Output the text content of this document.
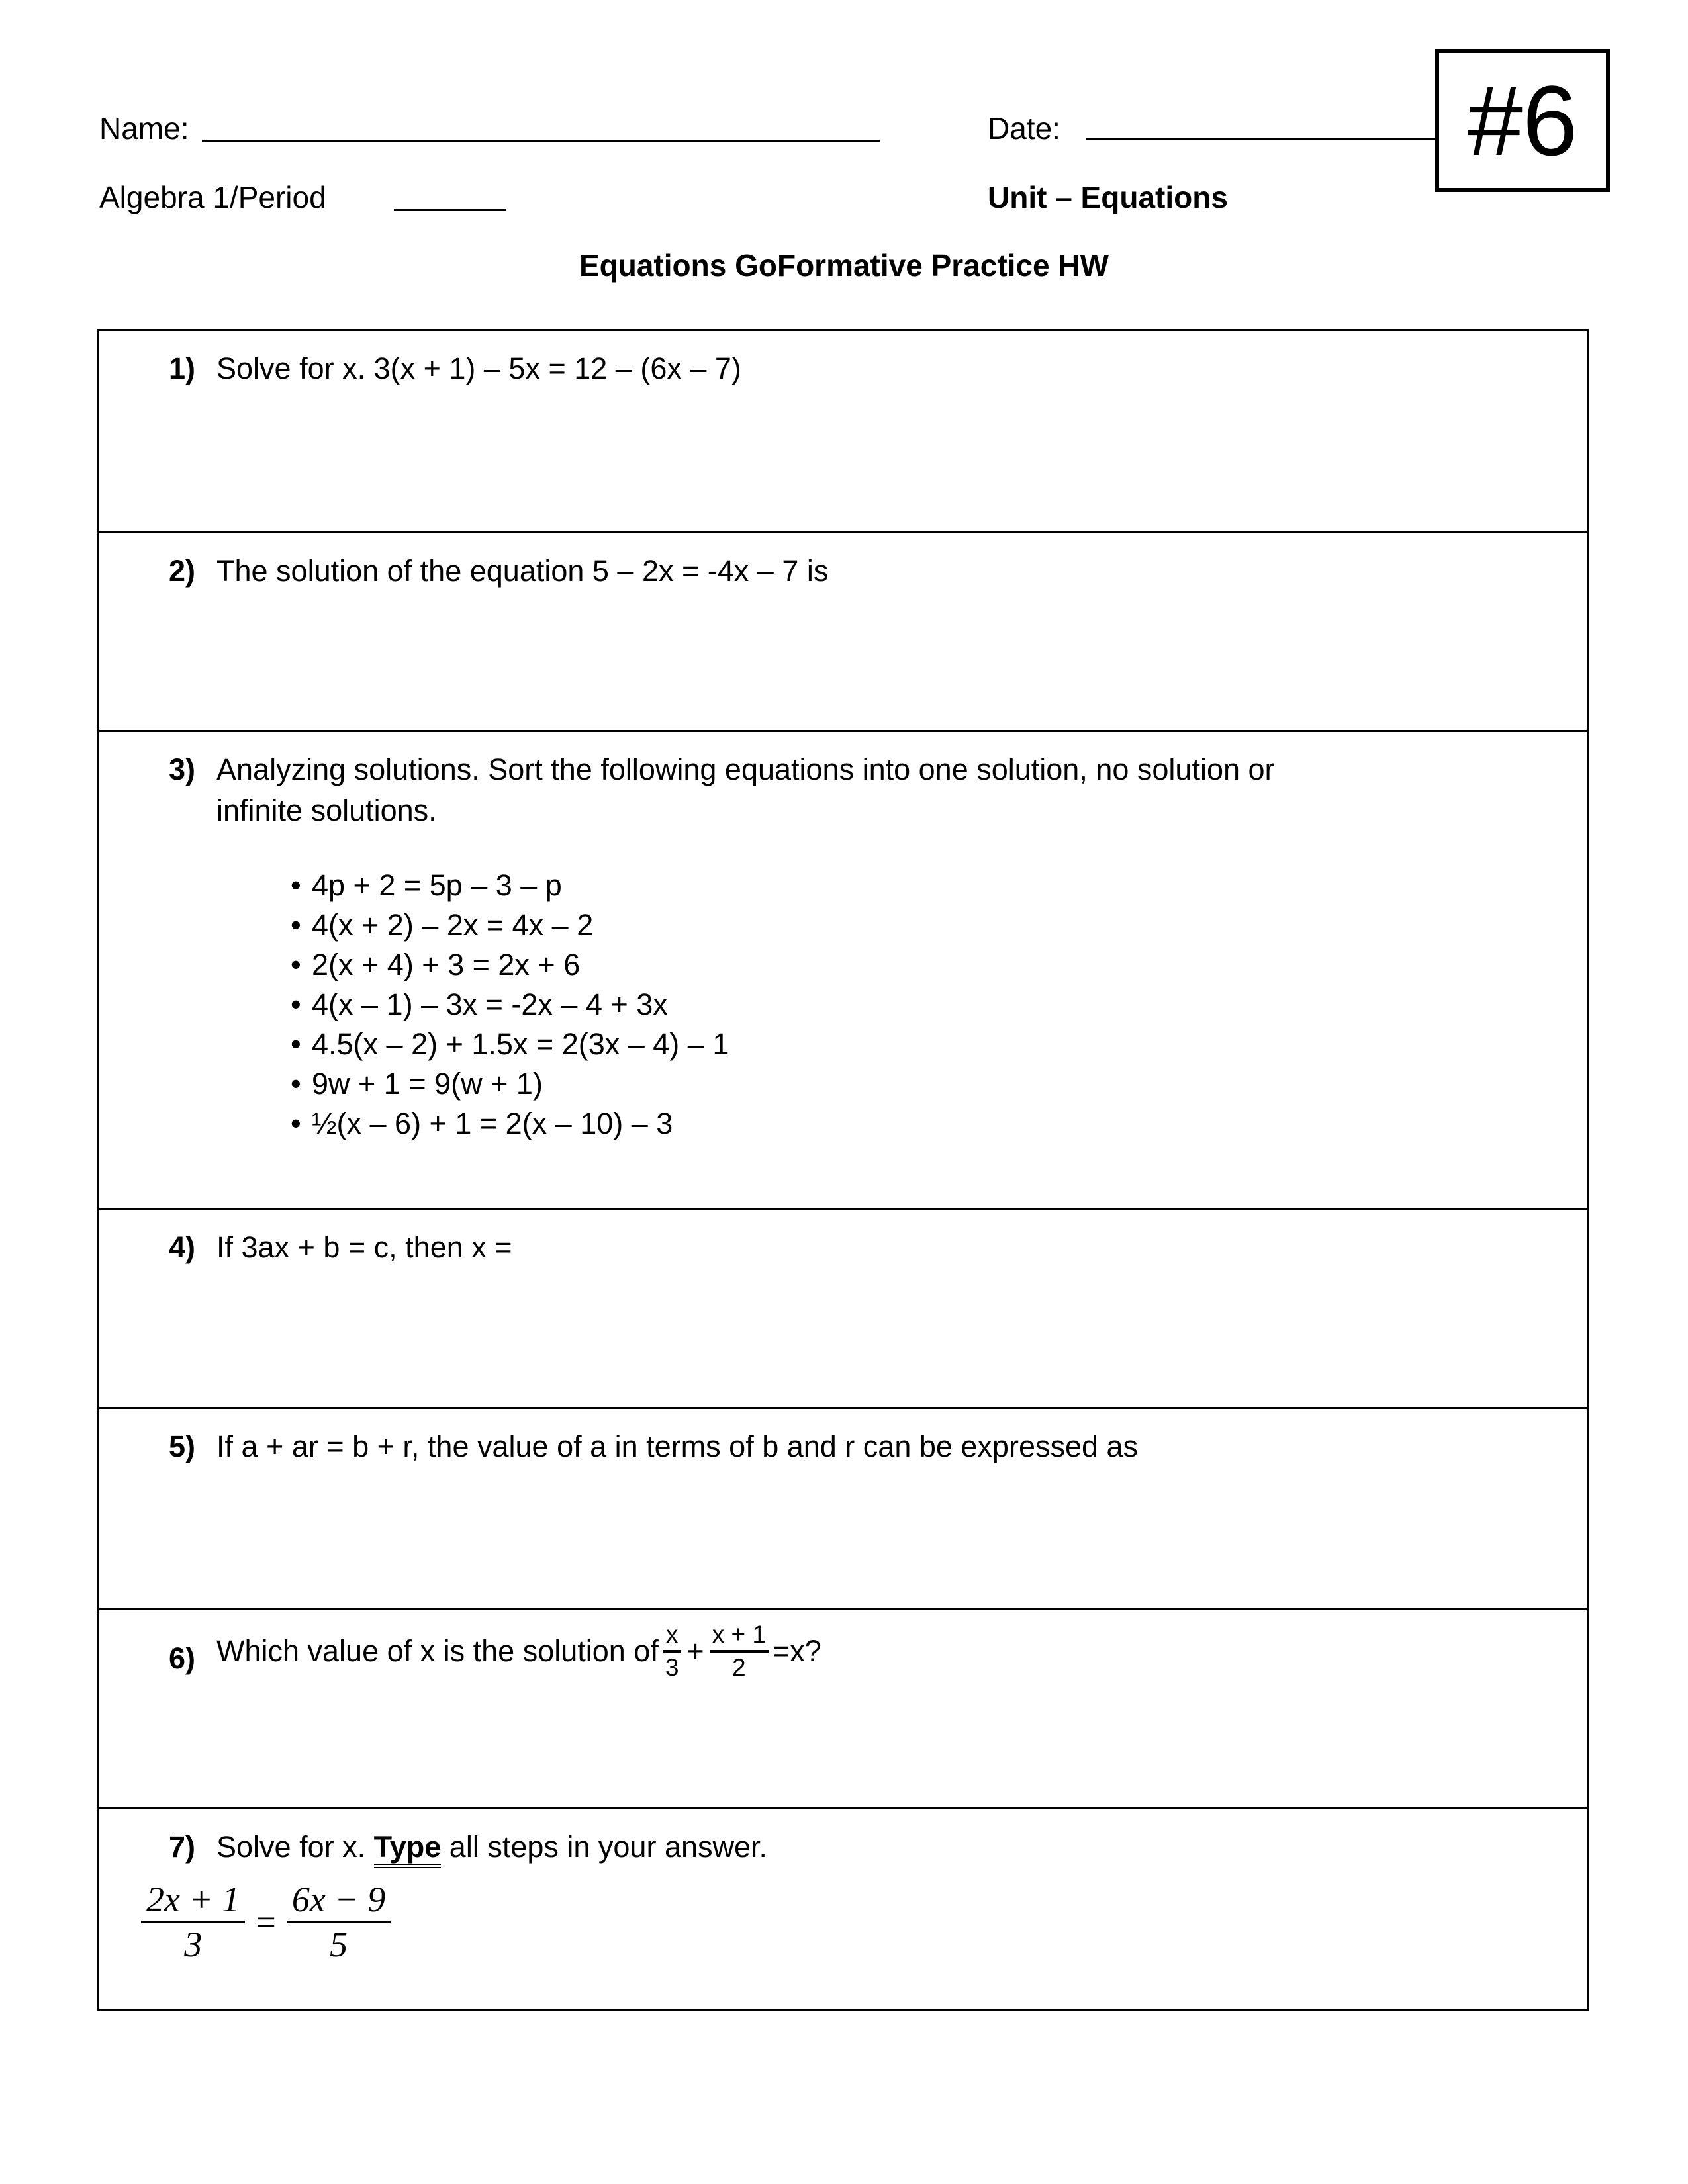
Name:	Date:	#6
Algebra 1/Period	Unit – Equations
Equations GoFormative Practice HW
1) Solve for x. 3(x + 1) – 5x = 12 – (6x – 7)
2) The solution of the equation 5 – 2x = -4x – 7 is
3) Analyzing solutions. Sort the following equations into one solution, no solution or
infinite solutions.
• 4p + 2 = 5p – 3 – p
• 4(x + 2) – 2x = 4x – 2
• 2(x + 4) + 3 = 2x + 6
• 4(x – 1) – 3x = -2x – 4 + 3x
• 4.5(x – 2) + 1.5x = 2(3x – 4) – 1
• 9w + 1 = 9(w + 1)
• ½(x – 6) + 1 = 2(x – 10) – 3
4) If 3ax + b = c, then x =
5) If a + ar = b + r, the value of a in terms of b and r can be expressed as
6) Which value of x is the solution of $\frac{x}{3} + \frac{x + 1}{2} =x$?
7) Solve for x. Type all steps in your answer.
$\frac{2x + 1}{3} = \frac{6x - 9}{5}$
